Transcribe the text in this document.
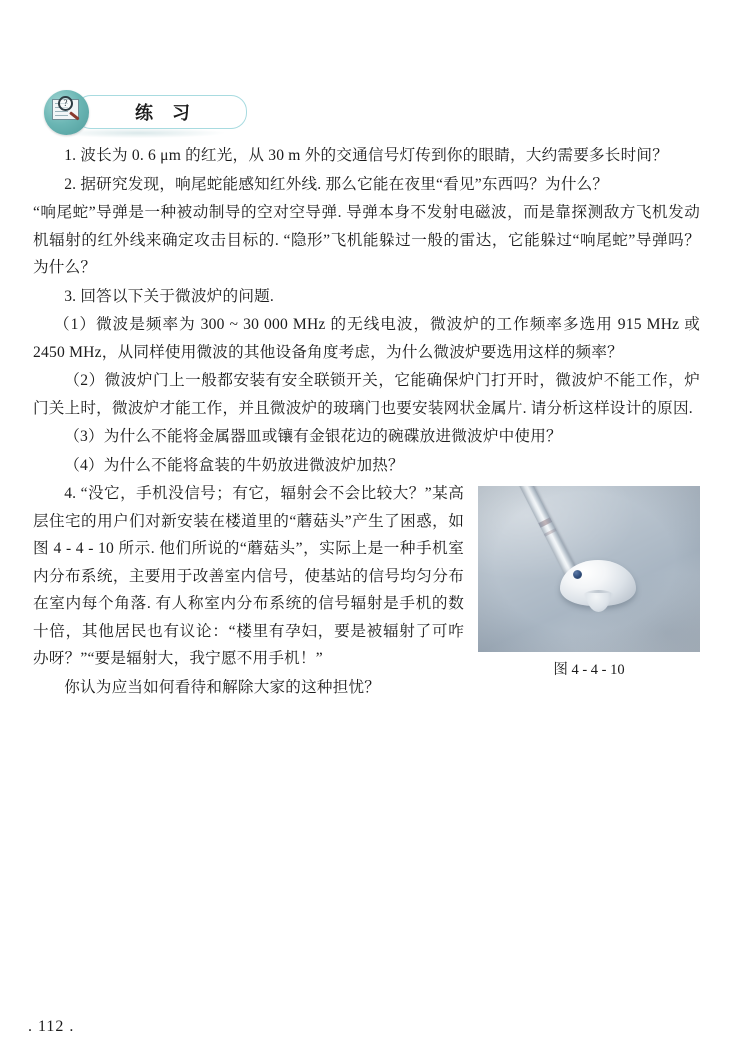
?
练 习

1. 波长为 0. 6 μm 的红光，从 30 m 外的交通信号灯传到你的眼睛，大约需要多长时间？

2. 据研究发现，响尾蛇能感知红外线. 那么它能在夜里“看见”东西吗？为什么？

“响尾蛇”导弹是一种被动制导的空对空导弹. 导弹本身不发射电磁波，而是靠探测敌方飞机发动机辐射的红外线来确定攻击目标的. “隐形”飞机能躲过一般的雷达，它能躲过“响尾蛇”导弹吗？为什么？

3. 回答以下关于微波炉的问题.

（1）微波是频率为 300 ~ 30 000 MHz 的无线电波，微波炉的工作频率多选用 915 MHz 或 2450 MHz，从同样使用微波的其他设备角度考虑，为什么微波炉要选用这样的频率？

（2）微波炉门上一般都安装有安全联锁开关，它能确保炉门打开时，微波炉不能工作，炉门关上时，微波炉才能工作，并且微波炉的玻璃门也要安装网状金属片. 请分析这样设计的原因.

（3）为什么不能将金属器皿或镶有金银花边的碗碟放进微波炉中使用？

（4）为什么不能将盒装的牛奶放进微波炉加热？

图 4 - 4 - 10

4. “没它，手机没信号；有它，辐射会不会比较大？”某高层住宅的用户们对新安装在楼道里的“蘑菇头”产生了困惑，如图 4 - 4 - 10 所示. 他们所说的“蘑菇头”，实际上是一种手机室内分布系统，主要用于改善室内信号，使基站的信号均匀分布在室内每个角落. 有人称室内分布系统的信号辐射是手机的数十倍，其他居民也有议论：“楼里有孕妇，要是被辐射了可咋办呀？”“要是辐射大，我宁愿不用手机！”

你认为应当如何看待和解除大家的这种担忧？

. 112 .
